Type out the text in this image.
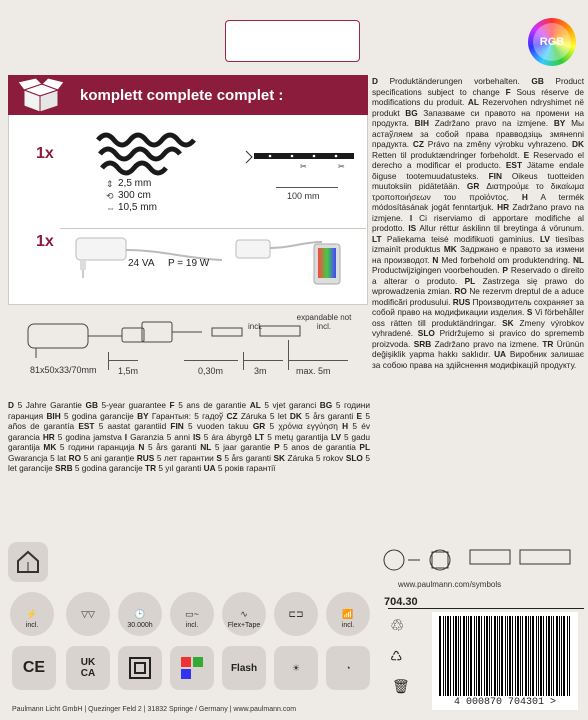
RGB
komplett complete complet :
1x
2,5 mm
300 cm
10,5 mm
⇕
⟲
⇔
✂	✂
100 mm
1x
24 VA P = 19 W
incl.
expandable not incl.
81x50x33/70mm 1,5m	0,30m	3m	max. 5m
D Produktänderungen vorbehalten. GB Product specifications subject to change F Sous réserve de modifications du produit. AL Rezervohen ndryshimet në produkt BG Запазваме си правото на промени на продукта. BIH Zadržano pravo na izmjene. BY Мы астаўляем за собой права правводзіць змянenni прадукта. CZ Právo na změny výrobku vyhrazeno. DK Retten til produktændringer forbeholdt. E Reservado el derecho a modificar el producto. EST Jätame endale õiguse tootemuudatusteks. FIN Oikeus tuotteiden muutoksiin pidätetään. GR Διατηρούμε το δικαίωμα τροποποιήσεων του προϊόντος. H A termék módosításának jogát fenntartjuk. HR Zadržano pravo na izmjene. I Ci riserviamo di apportare modifiche al prodotto. IS Allur réttur áskilinn til breytinga á vörunum. LT Paliekama teisė modifikuoti gaminius. LV tiesības izmainīt produktus MK Задржано е правото за измени на производот. N Med forbehold om produktendring. NL Productwijzigingen voorbehouden. P Reservado o direito a alterar o produto. PL Zastrzega się prawo do wprowadzenia zmian. RO Ne rezervm dreptul de a aduce modificări produsului. RUS Производитель сохраняет за собой право на модификации изделия. S Vi förbehåller oss rätten till produktändringar. SK Zmeny výrobkov vyhradené. SLO Pridržujemo si pravico do sprememb proizvoda. SRB Zadržano pravo na izmene. TR Ürünün değişiklik yapma hakkı saklıdır. UA Виробник залишає за собою права на здійснення модифікацій продукту.
D 5 Jahre Garantie GB 5-year guarantee F 5 ans de garantie AL 5 vjet garanci BG 5 години гаранция BIH 5 godina garancije BY Гарантыя: 5 гадоў CZ Záruka 5 let DK 5 års garanti E 5 años de garantía EST 5 aastat garantiid FIN 5 vuoden takuu GR 5 χρόνια εγγύηση H 5 év garancia HR 5 godina jamstva I Garanzia 5 anni IS 5 ára ábyrgð LT 5 metų garantija LV 5 gadu garantija MK 5 години гаранција N 5 års garanti NL 5 jaar garantie P 5 anos de garantia PL Gwarancja 5 lat RO 5 ani garanție RUS 5 лет гарантии S 5 års garanti SK Záruka 5 rokov SLO 5 let garancije SRB 5 godina garancije TR 5 yıl garanti UA 5 років гарантії
⚡
incl.
▽▽	🕒
30.000h
▭~
incl.
∿
Flex+Tape
⊏⊐	📶
incl.
CE	UK CA	Flash	☀	◔
www.paulmann.com/symbols
704.30
♲
♺
🗑
4 000870 704301 >
Paulmann Licht GmbH | Quezinger Feld 2 | 31832 Springe / Germany | www.paulmann.com
